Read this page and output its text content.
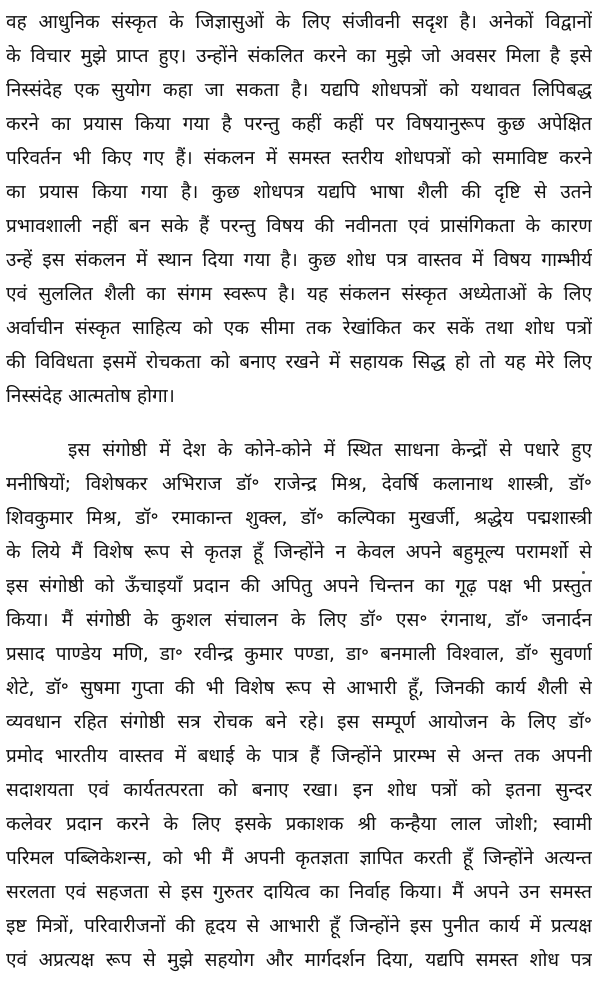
वह आधुनिक संस्कृत के जिज्ञासुओं के लिए संजीवनी सदृश है। अनेकों विद्वानों

के विचार मुझे प्राप्त हुए। उन्होंने संकलित करने का मुझे जो अवसर मिला है इसे

निस्संदेह एक सुयोग कहा जा सकता है। यद्यपि शोधपत्रों को यथावत लिपिबद्ध

करने का प्रयास किया गया है परन्तु कहीं कहीं पर विषयानुरूप कुछ अपेक्षित

परिवर्तन भी किए गए हैं। संकलन में समस्त स्तरीय शोधपत्रों को समाविष्ट करने

का प्रयास किया गया है। कुछ शोधपत्र यद्यपि भाषा शैली की दृष्टि से उतने

प्रभावशाली नहीं बन सके हैं परन्तु विषय की नवीनता एवं प्रासंगिकता के कारण

उन्हें इस संकलन में स्थान दिया गया है। कुछ शोध पत्र वास्तव में विषय गाम्भीर्य

एवं सुललित शैली का संगम स्वरूप है। यह संकलन संस्कृत अध्येताओं के लिए

अर्वाचीन संस्कृत साहित्य को एक सीमा तक रेखांकित कर सकें तथा शोध पत्रों

की विविधता इसमें रोचकता को बनाए रखने में सहायक सिद्ध हो तो यह मेरे लिए

निस्संदेह आत्मतोष होगा।

इस संगोष्ठी में देश के कोने-कोने में स्थित साधना केन्द्रों से पधारे हुए

मनीषियों; विशेषकर अभिराज डॉ॰ राजेन्द्र मिश्र, देवर्षि कलानाथ शास्त्री, डॉ॰

शिवकुमार मिश्र, डॉ॰ रमाकान्त शुक्ल, डॉ॰ कल्पिका मुखर्जी, श्रद्धेय पद्मशास्त्री

के लिये मैं विशेष रूप से कृतज्ञ हूँ जिन्होंने न केवल अपने बहुमूल्य परामर्शो से

इस संगोष्ठी को ऊँचाइयाँ प्रदान की अपितु अपने चिन्तन का गूढ़ पक्ष भी प्रस्तुत

किया। मैं संगोष्ठी के कुशल संचालन के लिए डॉ॰ एस॰ रंगनाथ, डॉ॰ जनार्दन

प्रसाद पाण्डेय मणि, डा॰ रवीन्द्र कुमार पण्डा, डा॰ बनमाली विश्वाल, डॉ॰ सुवर्णा

शेटे, डॉ॰ सुषमा गुप्ता की भी विशेष रूप से आभारी हूँ, जिनकी कार्य शैली से

व्यवधान रहित संगोष्ठी सत्र रोचक बने रहे। इस सम्पूर्ण आयोजन के लिए डॉ॰

प्रमोद भारतीय वास्तव में बधाई के पात्र हैं जिन्होंने प्रारम्भ से अन्त तक अपनी

सदाशयता एवं कार्यतत्परता को बनाए रखा। इन शोध पत्रों को इतना सुन्दर

कलेवर प्रदान करने के लिए इसके प्रकाशक श्री कन्हैया लाल जोशी; स्वामी

परिमल पब्लिकेशन्स, को भी मैं अपनी कृतज्ञता ज्ञापित करती हूँ जिन्होंने अत्यन्त

सरलता एवं सहजता से इस गुरुतर दायित्व का निर्वाह किया। मैं अपने उन समस्त

इष्ट मित्रों, परिवारीजनों की हृदय से आभारी हूँ जिन्होंने इस पुनीत कार्य में प्रत्यक्ष

एवं अप्रत्यक्ष रूप से मुझे सहयोग और मार्गदर्शन दिया, यद्यपि समस्त शोध पत्र
